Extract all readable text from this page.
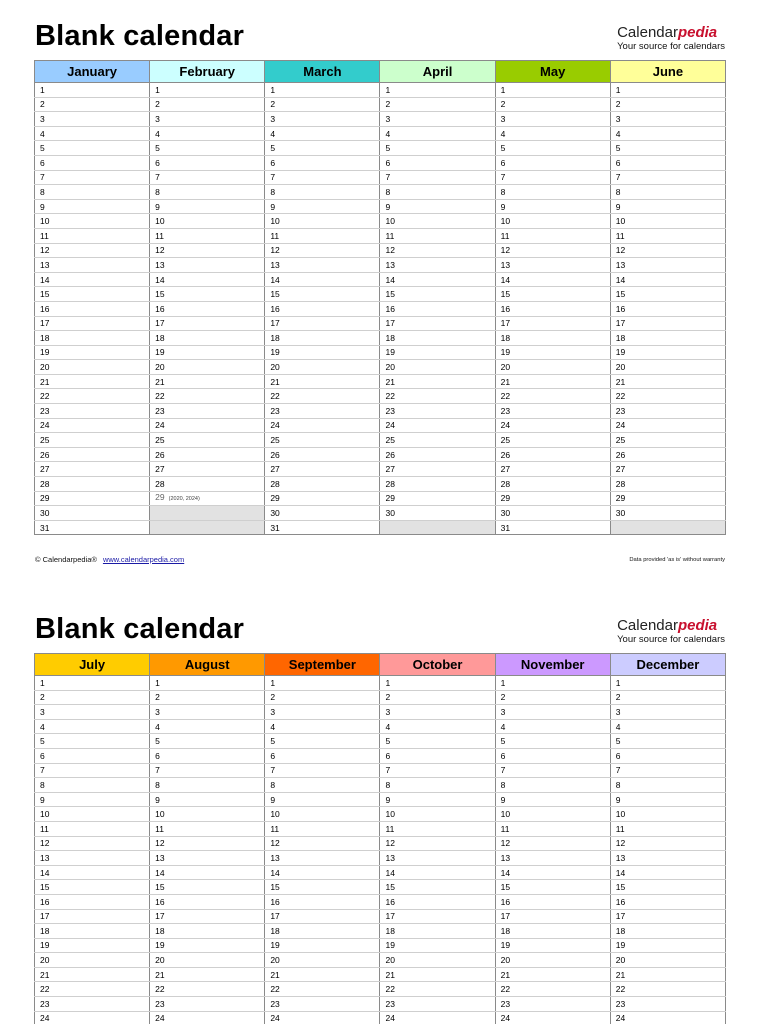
Blank calendar	Calendarpedia
Your source for calendars
January	February	March	April	May	June
1	1	1	1	1	1
2	2	2	2	2	2
3	3	3	3	3	3
4	4	4	4	4	4
5	5	5	5	5	5
6	6	6	6	6	6
7	7	7	7	7	7
8	8	8	8	8	8
9	9	9	9	9	9
10	10	10	10	10	10
11	11	11	11	11	11
12	12	12	12	12	12
13	13	13	13	13	13
14	14	14	14	14	14
15	15	15	15	15	15
16	16	16	16	16	16
17	17	17	17	17	17
18	18	18	18	18	18
19	19	19	19	19	19
20	20	20	20	20	20
21	21	21	21	21	21
22	22	22	22	22	22
23	23	23	23	23	23
24	24	24	24	24	24
25	25	25	25	25	25
26	26	26	26	26	26
27	27	27	27	27	27
28	28	28	28	28	28
29	29 (2020, 2024)	29	29	29	29
30		30	30	30	30
31		31		31	
© Calendarpedia® www.calendarpedia.com	Data provided 'as is' without warranty
Blank calendar	Calendarpedia
Your source for calendars
July	August	September	October	November	December
1	1	1	1	1	1
2	2	2	2	2	2
3	3	3	3	3	3
4	4	4	4	4	4
5	5	5	5	5	5
6	6	6	6	6	6
7	7	7	7	7	7
8	8	8	8	8	8
9	9	9	9	9	9
10	10	10	10	10	10
11	11	11	11	11	11
12	12	12	12	12	12
13	13	13	13	13	13
14	14	14	14	14	14
15	15	15	15	15	15
16	16	16	16	16	16
17	17	17	17	17	17
18	18	18	18	18	18
19	19	19	19	19	19
20	20	20	20	20	20
21	21	21	21	21	21
22	22	22	22	22	22
23	23	23	23	23	23
24	24	24	24	24	24
